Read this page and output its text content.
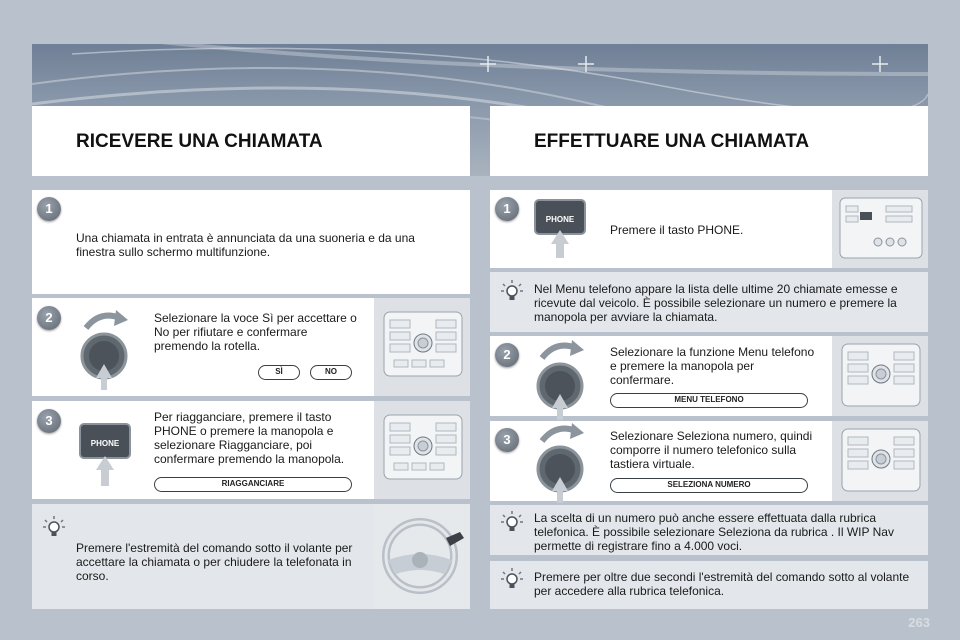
RICEVERE UNA CHIAMATA	EFFETTUARE UNA CHIAMATA
1
Una chiamata in entrata è annunciata da una suoneria e da una finestra sullo schermo multifunzione.
2	Selezionare la voce Sì per accettare o No per rifiutare e confermare premendo la rotella.
SÌ	NO
3
PHONE
Per riagganciare, premere il tasto PHONE o premere la manopola e selezionare Riagganciare, poi confermare premendo la manopola.
RIAGGANCIARE
Premere l'estremità del comando sotto il volante per accettare la chiamata o per chiudere la telefonata in corso.
1
PHONE
Premere il tasto PHONE.
Nel Menu telefono appare la lista delle ultime 20 chiamate emesse e ricevute dal veicolo. È possibile selezionare un numero e premere la manopola per avviare la chiamata.
2	Selezionare la funzione Menu telefono e premere la manopola per confermare.
MENU TELEFONO
3	Selezionare Seleziona numero, quindi comporre il numero telefonico sulla tastiera virtuale.
SELEZIONA NUMERO
La scelta di un numero può anche essere effettuata dalla rubrica telefonica. È possibile selezionare Seleziona da rubrica . Il WIP Nav permette di registrare fino a 4.000 voci.
Premere per oltre due secondi l'estremità del comando sotto al volante per accedere alla rubrica telefonica.
263
